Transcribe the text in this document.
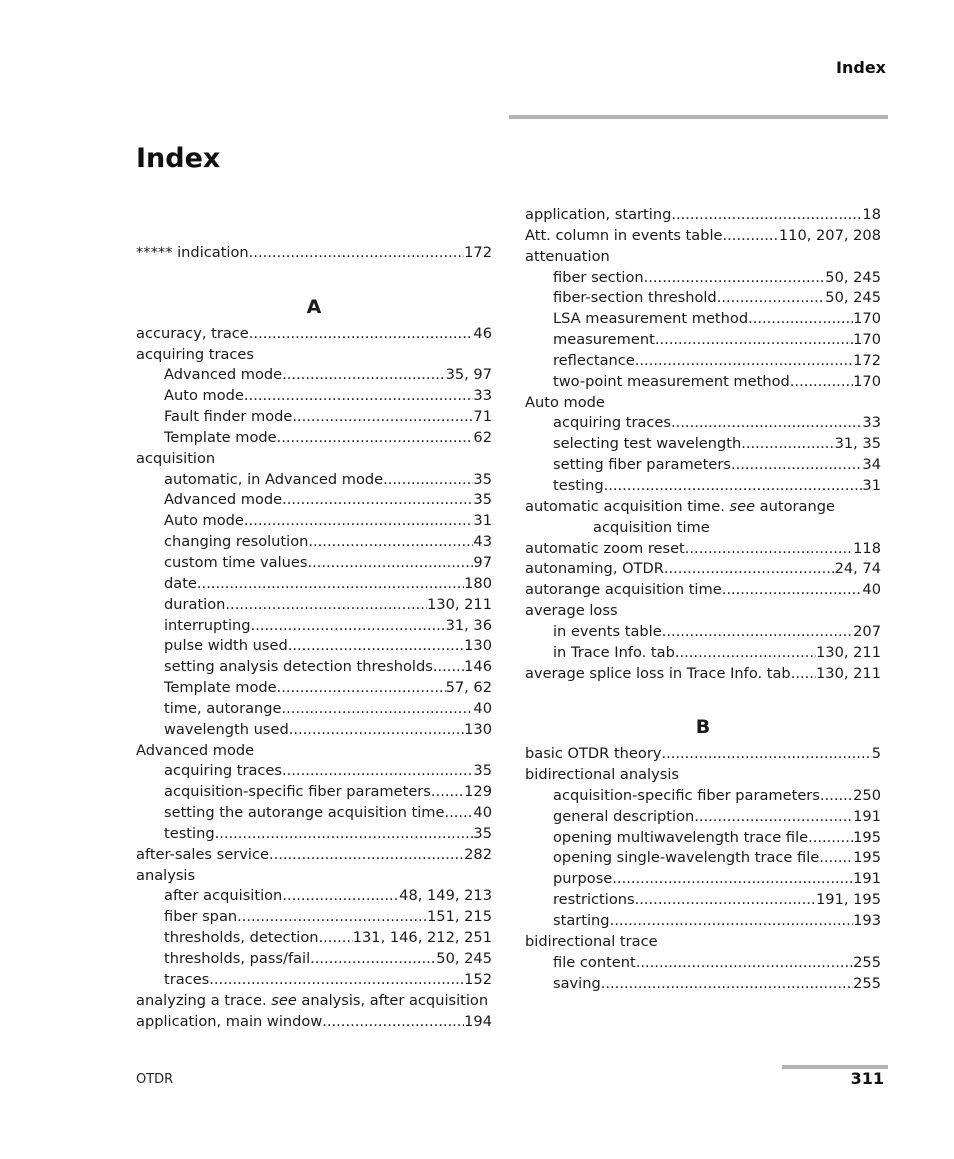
Index
Index
***** indication .....	172
A
accuracy, trace .....	46
acquiring traces
Advanced mode .....	35, 97
Auto mode .....	33
Fault finder mode .....	71
Template mode .....	62
acquisition
automatic, in Advanced mode .....	35
Advanced mode .....	35
Auto mode .....	31
changing resolution .....	43
custom time values .....	97
date .....	180
duration .....	130, 211
interrupting .....	31, 36
pulse width used .....	130
setting analysis detection thresholds ..... 146
Template mode .....	57, 62
time, autorange .....	40
wavelength used .....	130
Advanced mode
acquiring traces .....	35
acquisition-specific fiber parameters ..... 129
setting the autorange acquisition time ..... 40
testing .....	35
after-sales service .....	282
analysis
after acquisition .....	48, 149, 213
fiber span .....	151, 215
thresholds, detection ..... 131, 146, 212, 251
thresholds, pass/fail .....	50, 245
traces .....	152
analyzing a trace. see analysis, after acquisition
application, main window .....	194
application, starting .....	18
Att. column in events table .....	110, 207, 208
attenuation
fiber section .....	50, 245
fiber-section threshold .....	50, 245
LSA measurement method .....	170
measurement .....	170
reflectance .....	172
two-point measurement method .....	170
Auto mode
acquiring traces .....	33
selecting test wavelength .....	31, 35
setting fiber parameters .....	34
testing .....	31
automatic acquisition time. see autorange
acquisition time
automatic zoom reset .....	118
autonaming, OTDR .....	24, 74
autorange acquisition time .....	40
average loss
in events table .....	207
in Trace Info. tab .....	130, 211
average splice loss in Trace Info. tab ..... 130, 211
B
basic OTDR theory .....	5
bidirectional analysis
acquisition-specific fiber parameters ..... 250
general description .....	191
opening multiwavelength trace file .....	195
opening single-wavelength trace file ..... 195
purpose .....	191
restrictions .....	191, 195
starting .....	193
bidirectional trace
file content .....	255
saving .....	255
OTDR	311
